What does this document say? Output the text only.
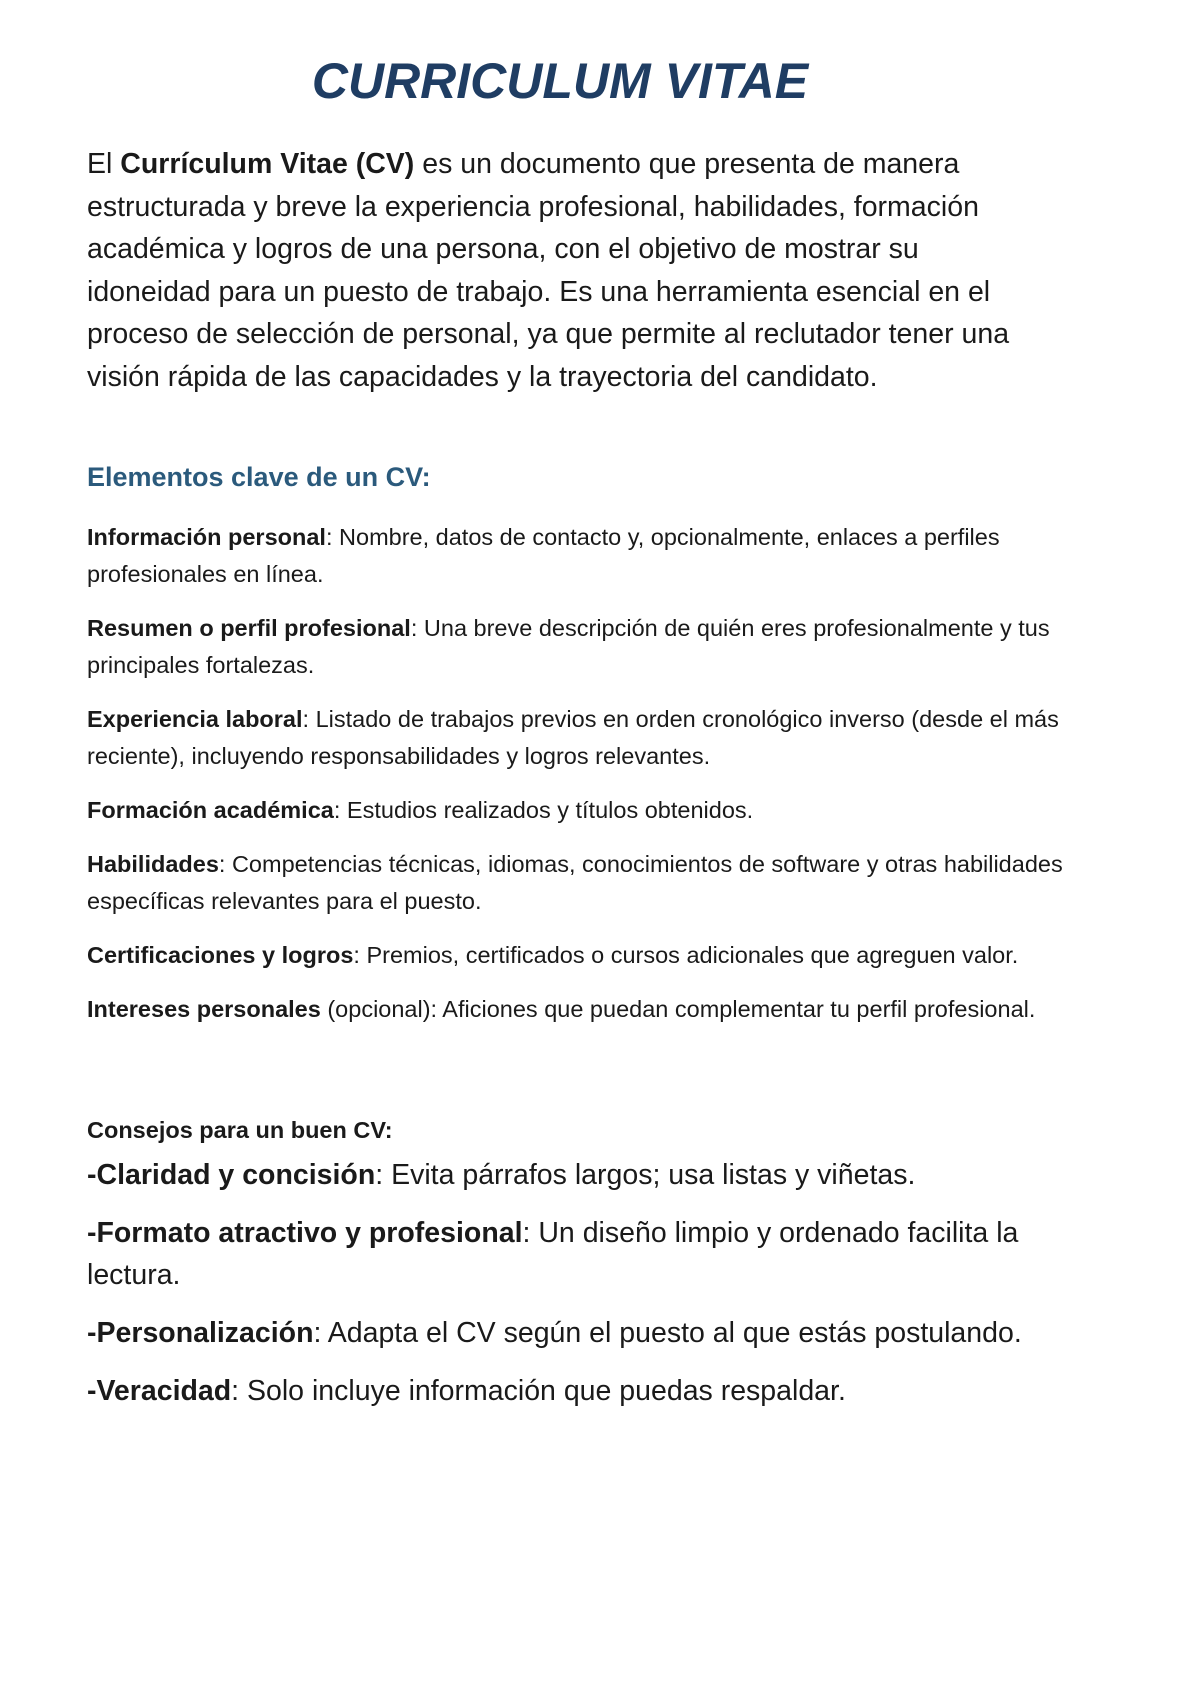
CURRICULUM VITAE

El Currículum Vitae (CV) es un documento que presenta de manera estructurada y breve la experiencia profesional, habilidades, formación académica y logros de una persona, con el objetivo de mostrar su idoneidad para un puesto de trabajo. Es una herramienta esencial en el proceso de selección de personal, ya que permite al reclutador tener una visión rápida de las capacidades y la trayectoria del candidato.

Elementos clave de un CV:
Información personal: Nombre, datos de contacto y, opcionalmente, enlaces a perfiles profesionales en línea.
Resumen o perfil profesional: Una breve descripción de quién eres profesionalmente y tus principales fortalezas.
Experiencia laboral: Listado de trabajos previos en orden cronológico inverso (desde el más reciente), incluyendo responsabilidades y logros relevantes.
Formación académica: Estudios realizados y títulos obtenidos.
Habilidades: Competencias técnicas, idiomas, conocimientos de software y otras habilidades específicas relevantes para el puesto.
Certificaciones y logros: Premios, certificados o cursos adicionales que agreguen valor.
Intereses personales (opcional): Aficiones que puedan complementar tu perfil profesional.
Consejos para un buen CV:
-Claridad y concisión: Evita párrafos largos; usa listas y viñetas.
-Formato atractivo y profesional: Un diseño limpio y ordenado facilita la lectura.
-Personalización: Adapta el CV según el puesto al que estás postulando.
-Veracidad: Solo incluye información que puedas respaldar.
